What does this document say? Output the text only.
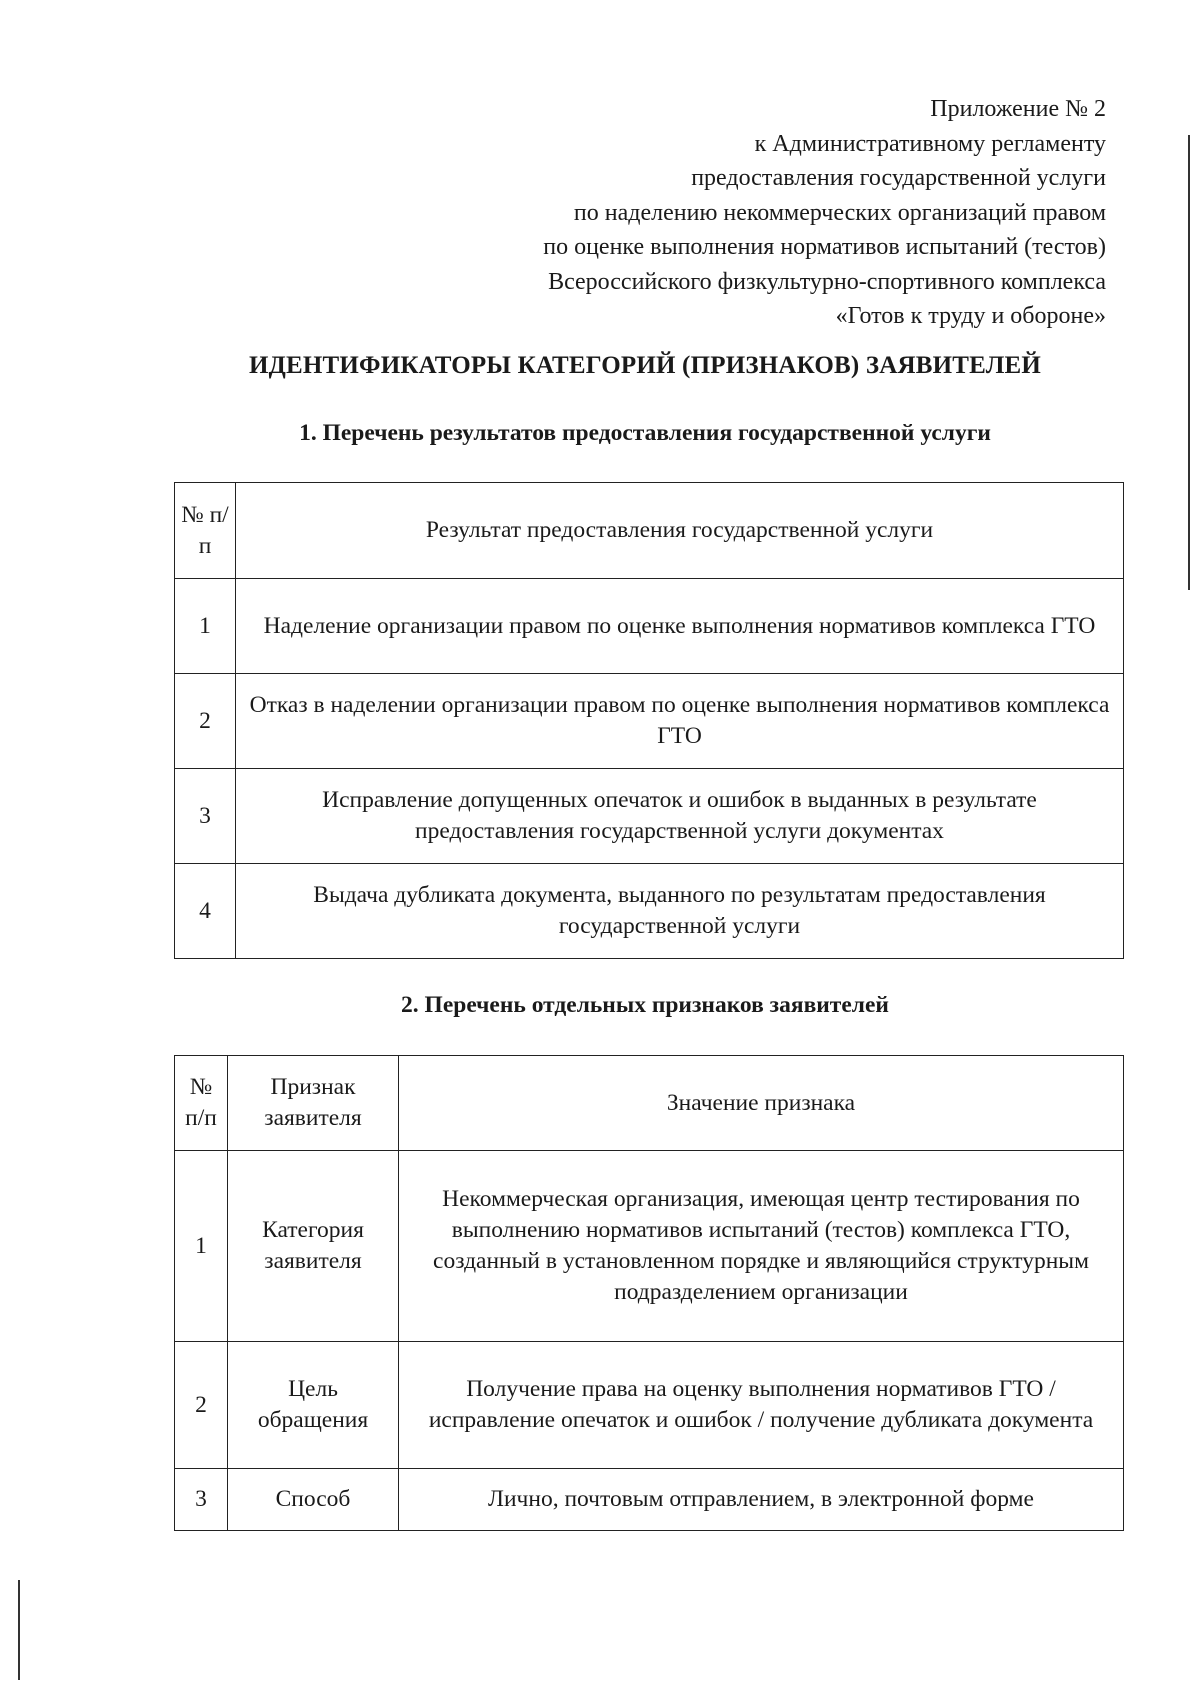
Приложение № 2
к Административному регламенту
предоставления государственной услуги
по наделению некоммерческих организаций правом
по оценке выполнения нормативов испытаний (тестов)
Всероссийского физкультурно-спортивного комплекса
«Готов к труду и обороне»
ИДЕНТИФИКАТОРЫ КАТЕГОРИЙ (ПРИЗНАКОВ) ЗАЯВИТЕЛЕЙ
1. Перечень результатов предоставления государственной услуги
№ п/п	Результат предоставления государственной услуги
1	Наделение организации правом по оценке выполнения нормативов комплекса ГТО
2	Отказ в наделении организации правом по оценке выполнения нормативов комплекса ГТО
3	Исправление допущенных опечаток и ошибок в выданных в результате предоставления государственной услуги документах
4	Выдача дубликата документа, выданного по результатам предоставления государственной услуги
2. Перечень отдельных признаков заявителей
№ п/п	Признак заявителя	Значение признака
1	Категория заявителя	Некоммерческая организация, имеющая центр тестирования по выполнению нормативов испытаний (тестов) комплекса ГТО, созданный в установленном порядке и являющийся структурным подразделением организации
2	Цель обращения	Получение права на оценку выполнения нормативов ГТО / исправление опечаток и ошибок / получение дубликата документа
3	Способ	Лично, почтовым отправлением, в электронной форме
